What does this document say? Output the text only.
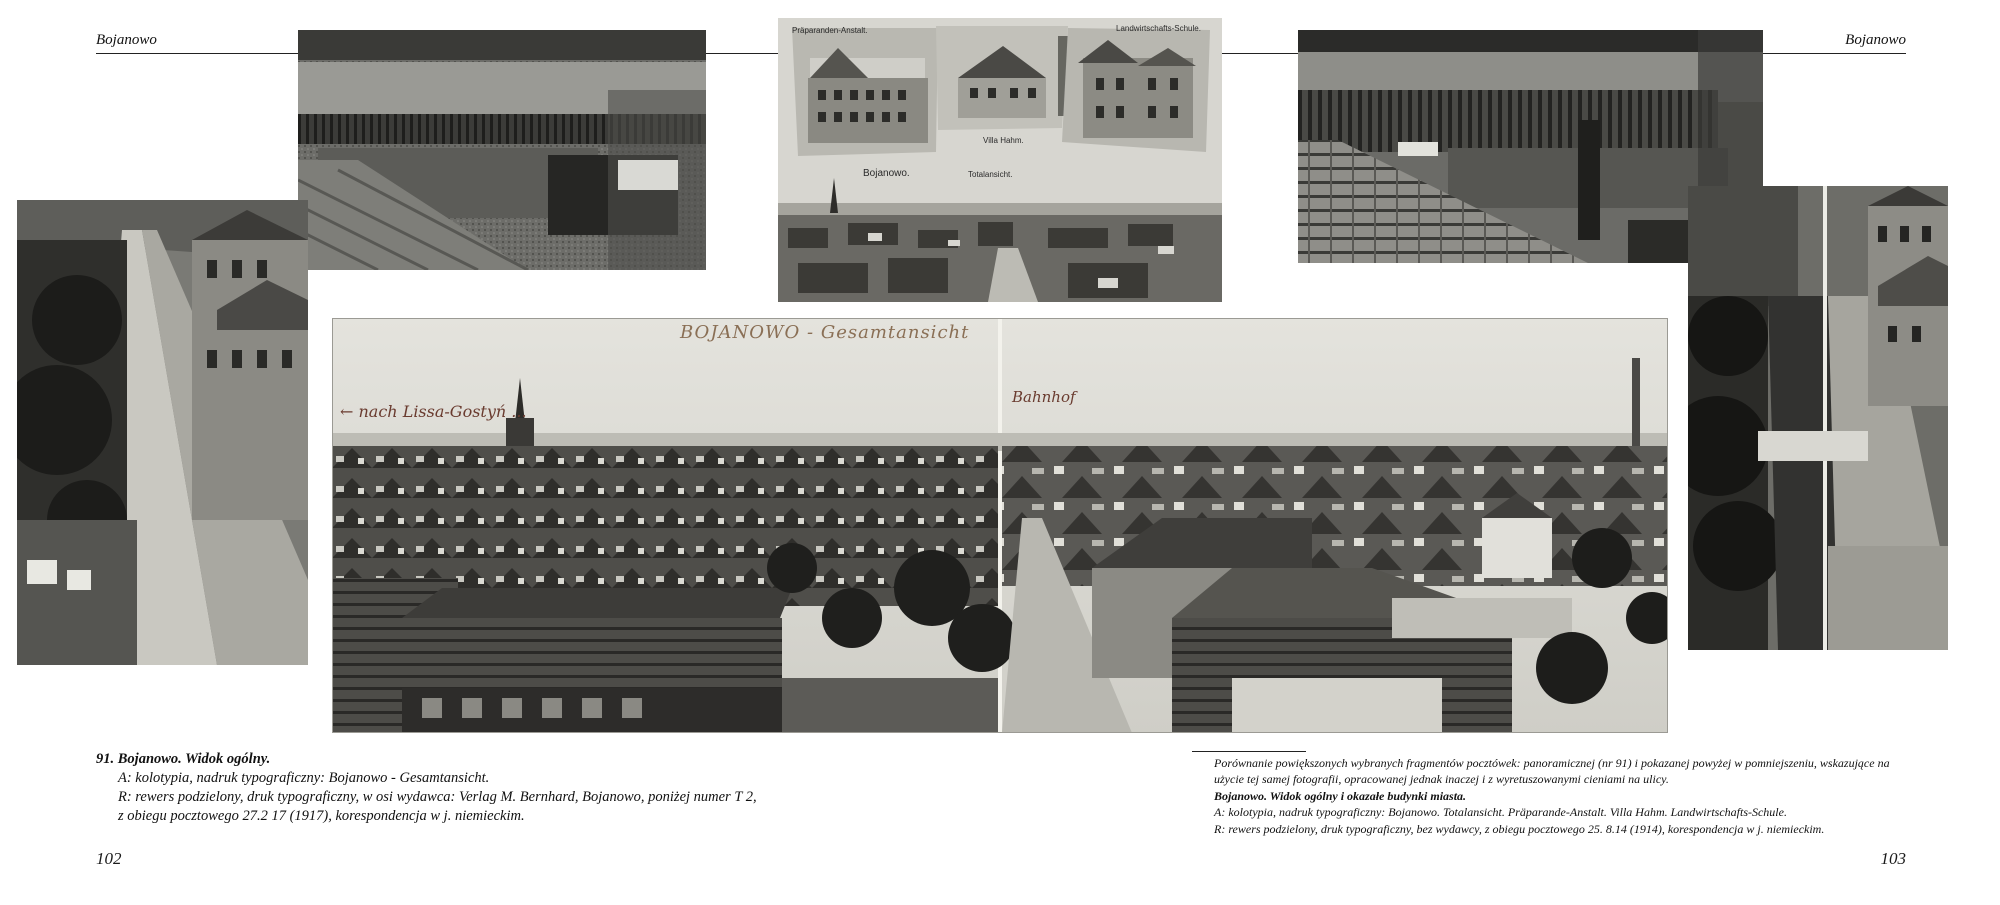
Bojanowo	Bojanowo
Präparanden-Anstalt.	Landwirtschafts-Schule.
Villa Hahm.
Bojanowo.	Totalansicht.
BOJANOWO - Gesamtansicht
← nach Lissa-Gostyń ...
Bahnhof
91. Bojanowo. Widok ogólny.
A: kolotypia, nadruk typograficzny: Bojanowo - Gesamtansicht.
R: rewers podzielony, druk typograficzny, w osi wydawca: Verlag M. Bernhard, Bojanowo, poniżej numer T 2,
z obiegu pocztowego 27.2 17 (1917), korespondencja w j. niemieckim.
Porównanie powiększonych wybranych fragmentów pocztówek: panoramicznej (nr 91) i pokazanej powyżej w pomniejszeniu, wskazujące na
użycie tej samej fotografii, opracowanej jednak inaczej i z wyretuszowanymi cieniami na ulicy.
Bojanowo. Widok ogólny i okazałe budynki miasta.
A: kolotypia, nadruk typograficzny: Bojanowo. Totalansicht. Präparande-Anstalt. Villa Hahm. Landwirtschafts-Schule.
R: rewers podzielony, druk typograficzny, bez wydawcy, z obiegu pocztowego 25. 8.14 (1914), korespondencja w j. niemieckim.
102	103
